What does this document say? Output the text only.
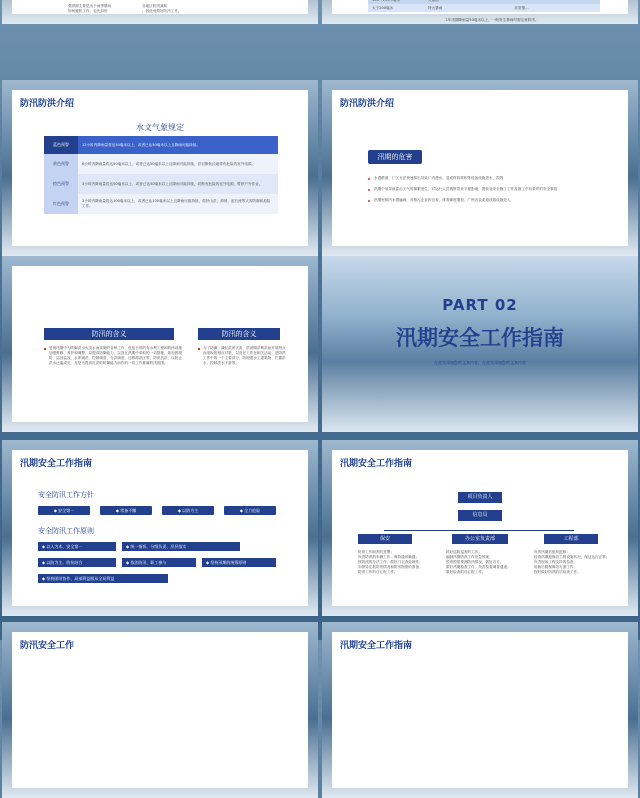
强汛期主要是出于雨季暴雨
如何避防工作，也比如的
各地区防汛减和
，因此成做好防汛工作。

大于200毫米	特大暴雨	非常强...
1年汛期降雨量50毫米以上，一般发生暴雨时需注意防汛。
防汛防洪介绍
水文气象规定
蓝色预警	12小时内降雨量将达50毫米以上，或者已达50毫米以上且降雨可能持续。
黄色预警	6小时内降雨量将达50毫米以上，或者已达50毫米以上且降雨可能持续，应切断低洼地带有危险的室外电源。
橙色预警	3小时内降雨量将达50毫米以上，或者已达50毫米以上且降雨可能持续，切断有危险的室外电源，暂停户外作业。
红色预警	3小时内降雨量将达100毫米以上，或者已达100毫米以上且降雨可能持续，做好山洪、滑坡、泥石流等灾害防御和抢险工作。
防汛防洪介绍
汛期的危害
水漫路面，厂区无法快速排出导致厂内漫水，造成材料堆积等设备设施进水，损毁
汛期中易导致雷击天气的频繁发生，对运行人员观察带来不便影响，提营业安全施工工作及施工中有条件的安全事故
汛期里树内水漫遍闹，对排污企业的自查、排查难度增加，广州各农渠道淡疏设施处人
防汛的含义	防汛的含义
是指汛期中为防御洪水大洪水而实施的各种工作，包括日常的有水利工程和防汛设施加强维修、养护和调整，以提高防御能力，以及在汛期中采取的一切措施，如加固堤防、巡回监视、水库调洪，控制调度，分洪调度，迁移滞洪区等，防汛抗洪，以防止洪水泛滥成灾，凡是为提高抗洪的防御能力而作的一切工作都属防汛范围。
为了防御、减轻洪涝灾害，洪涝期洪利洪而开展特点而采取的相应对策，以及在工作在相关活动，是防汛工作中的一个主要部分，防堤建水工建筑物、拦蓄洪水，控制洪水下游等。
PART 02
汛期安全工作指南
在此处添加您的文本内容，在此处添加您的文本内容
汛期安全工作指南
安全防汛工作方针
◆ 安全第一	◆ 常备不懈	◆ 以防为主	◆ 全力抢险
安全防汛工作原则
◆ 以人为本、安全第一	◆ 统一指挥、分级负责、层层落实
◆ 以防为主、防抗结合	◆ 依法防汛、职工参与	◆ 坚持汛期的统筹原则
◆ 坚持团结协作、局部利益服从全局利益
汛期安全工作指南
项目负责人
信息员
保安	办公室负责部	工程部
防汛工作职责的签署；
负责防汛的车辆工作；保持通讯畅通；
按防汛的办法工作；做好门卫查处理作；
向领导汇报防汛情况和防汛物资的准备；
防汛工作的日汇报工作。
抓好巡防巡查的工作；
编制汛期防汛工作应急预案；
预汛预报预测防汛情况，做好各方。
做好汛期检查工作，负责检查调查通道；
做好检查的后汇报工作。
负责汛期后组织抢修；
检查汛期抢修各工程设施状况，保证运行正常；
负责现场工程支持的检查；
协助后勤保障各方面工作；
按时做好防汛的后检查工作。
防汛安全工作	汛期安全工作指南
